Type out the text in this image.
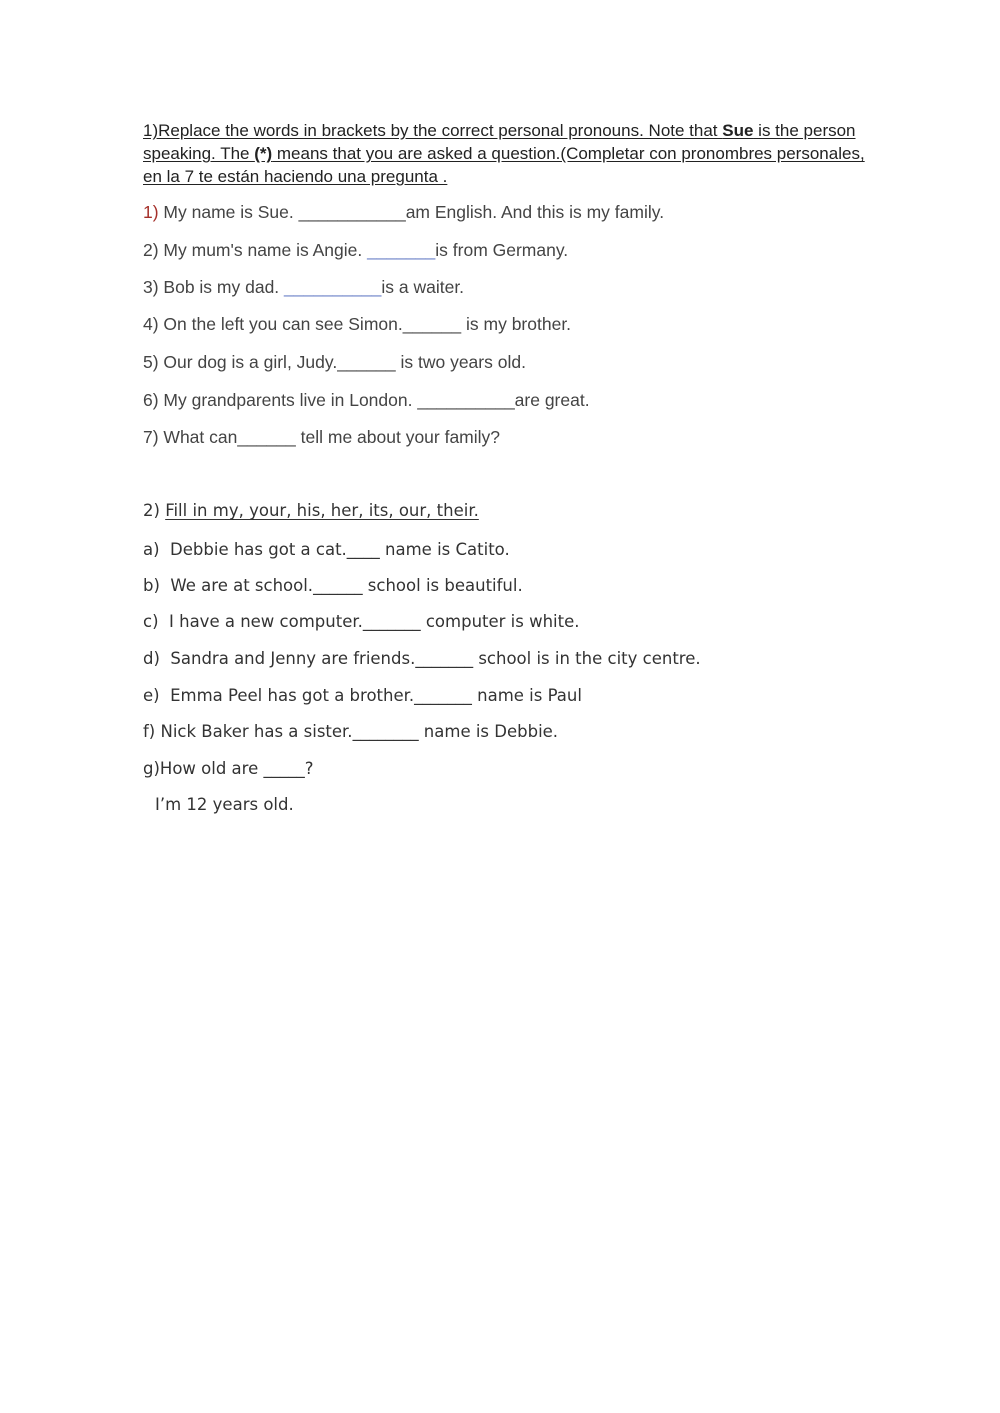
1)Replace the words in brackets by the correct personal pronouns. Note that Sue is the person speaking. The (*) means that you are asked a question.(Completar con pronombres personales, en la 7 te están haciendo una pregunta .
1) My name is Sue. ___________am English. And this is my family.
2) My mum's name is Angie. _______is from Germany.
3) Bob is my dad. __________is a waiter.
4) On the left you can see Simon.______ is my brother.
5) Our dog is a girl, Judy.______ is two years old.
6) My grandparents live in London. __________are great.
7) What can______ tell me about your family?
2) Fill in my, your, his, her, its, our, their.
a)  Debbie has got a cat.____ name is Catito.
b)  We are at school.______ school is beautiful.
c)  I have a new computer._______ computer is white.
d)  Sandra and Jenny are friends._______ school is in the city centre.
e)  Emma Peel has got a brother._______ name is Paul
f) Nick Baker has a sister.________ name is Debbie.
g)How old are _____?
I’m 12 years old.
